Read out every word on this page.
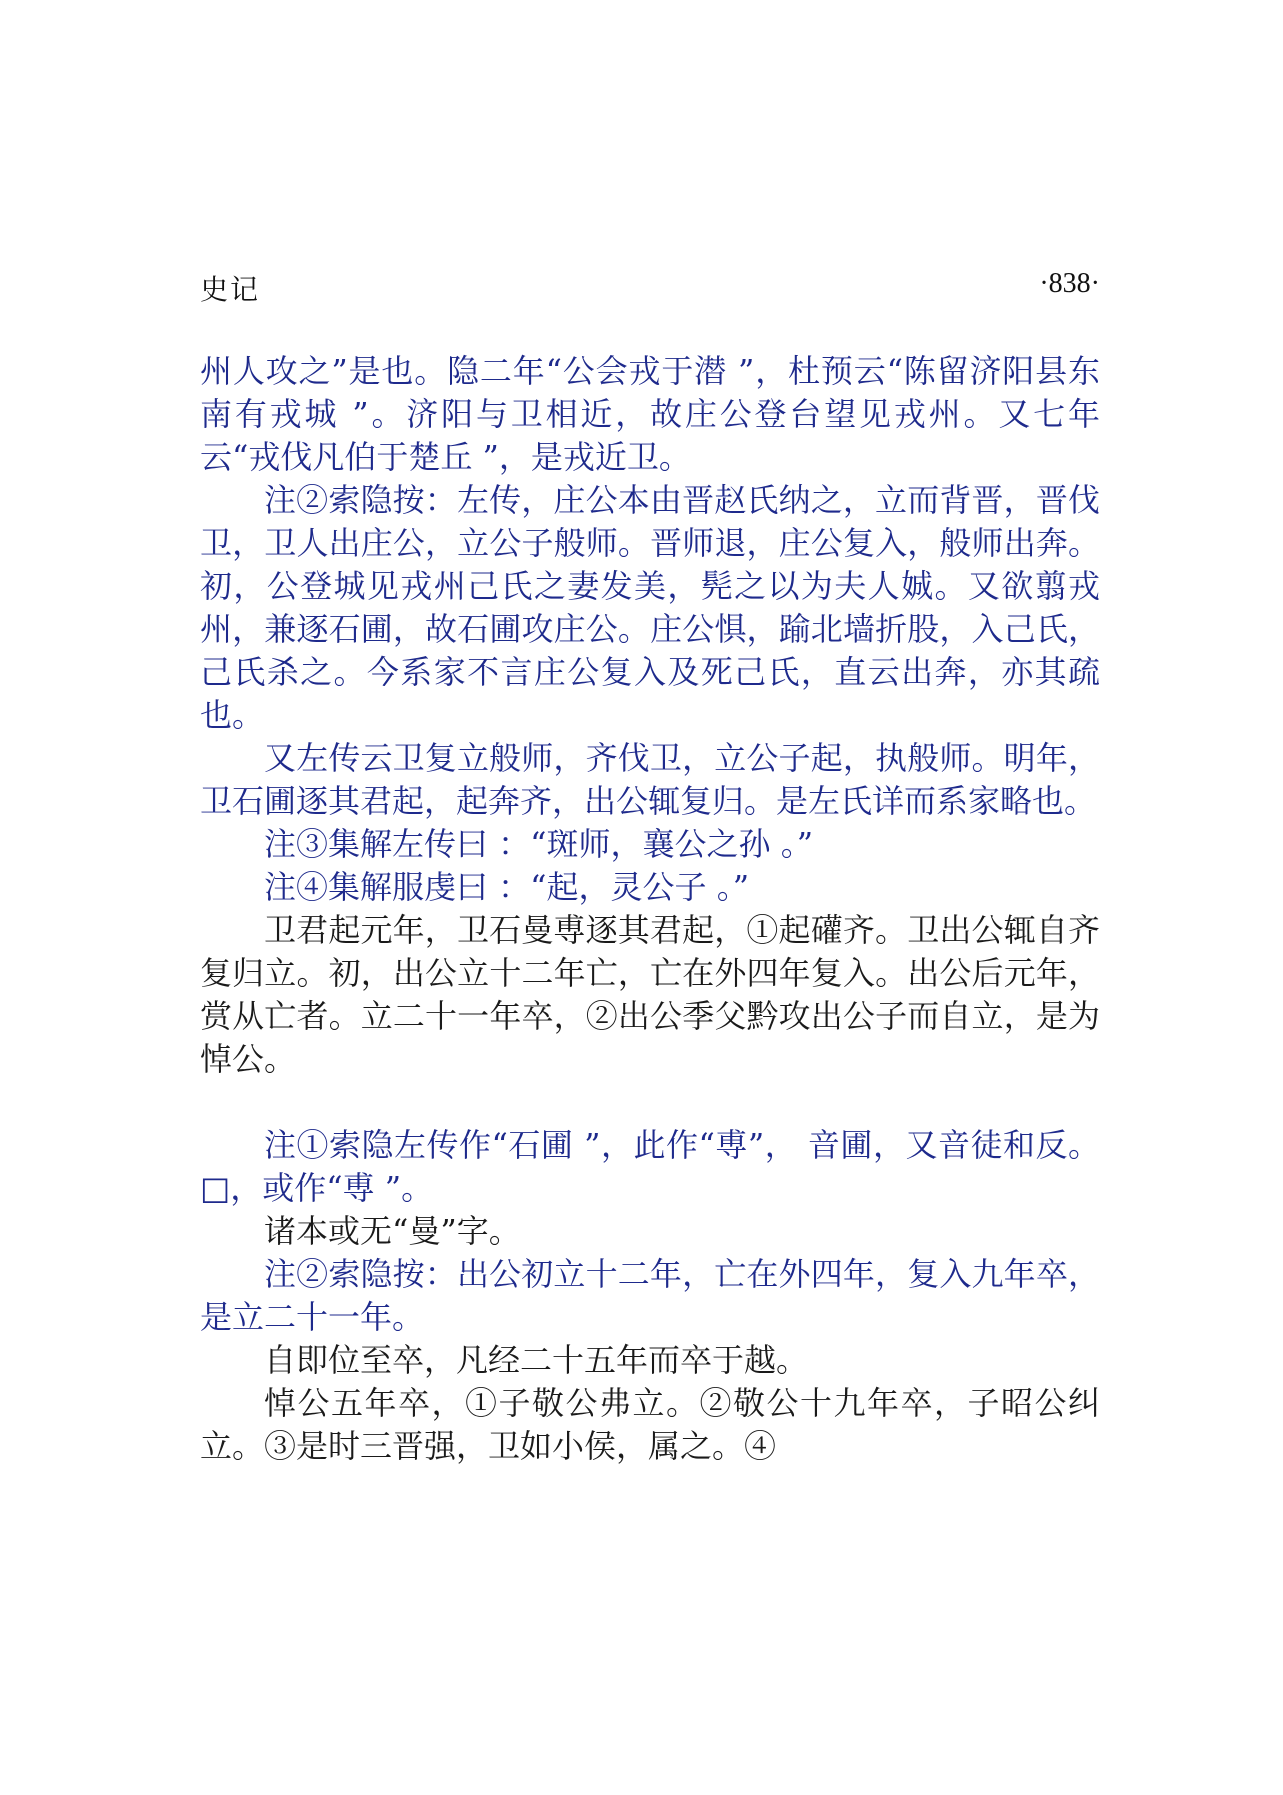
史记	·838·

州人攻之”是也。隐二年“公会戎于潜 ”，杜预云“陈留济阳县东南有戎城 ”。济阳与卫相近，故庄公登台望见戎州。又七年云“戎伐凡伯于楚丘 ”，是戎近卫。

注②索隐按：左传，庄公本由晋赵氏纳之，立而背晋，晋伐卫，卫人出庄公，立公子般师。晋师退，庄公复入，般师出奔。初，公登城见戎州己氏之妻发美，髡之以为夫人娍。又欲翦戎州，兼逐石圃，故石圃攻庄公。庄公惧，踰北墙折股，入己氏，己氏杀之。今系家不言庄公复入及死己氏，直云出奔，亦其疏也。

又左传云卫复立般师，齐伐卫，立公子起，执般师。明年，卫石圃逐其君起，起奔齐，出公辄复归。是左氏详而系家略也。

注③集解左传曰 ：“斑师，襄公之孙 。”

注④集解服虔曰 ：“起，灵公子 。”

卫君起元年，卫石曼尃逐其君起，①起礶齐。卫出公辄自齐复归立。初，出公立十二年亡，亡在外四年复入。出公后元年，赏从亡者。立二十一年卒，②出公季父黔攻出公子而自立，是为悼公。

注①索隐左传作“石圃 ”，此作“尃”， 音圃，又音徒和反。□，或作“尃 ”。

诸本或无“曼”字。

注②索隐按：出公初立十二年，亡在外四年，复入九年卒，是立二十一年。

自即位至卒，凡经二十五年而卒于越。

悼公五年卒，①子敬公弗立。②敬公十九年卒，子昭公纠立。③是时三晋强，卫如小侯，属之。④
